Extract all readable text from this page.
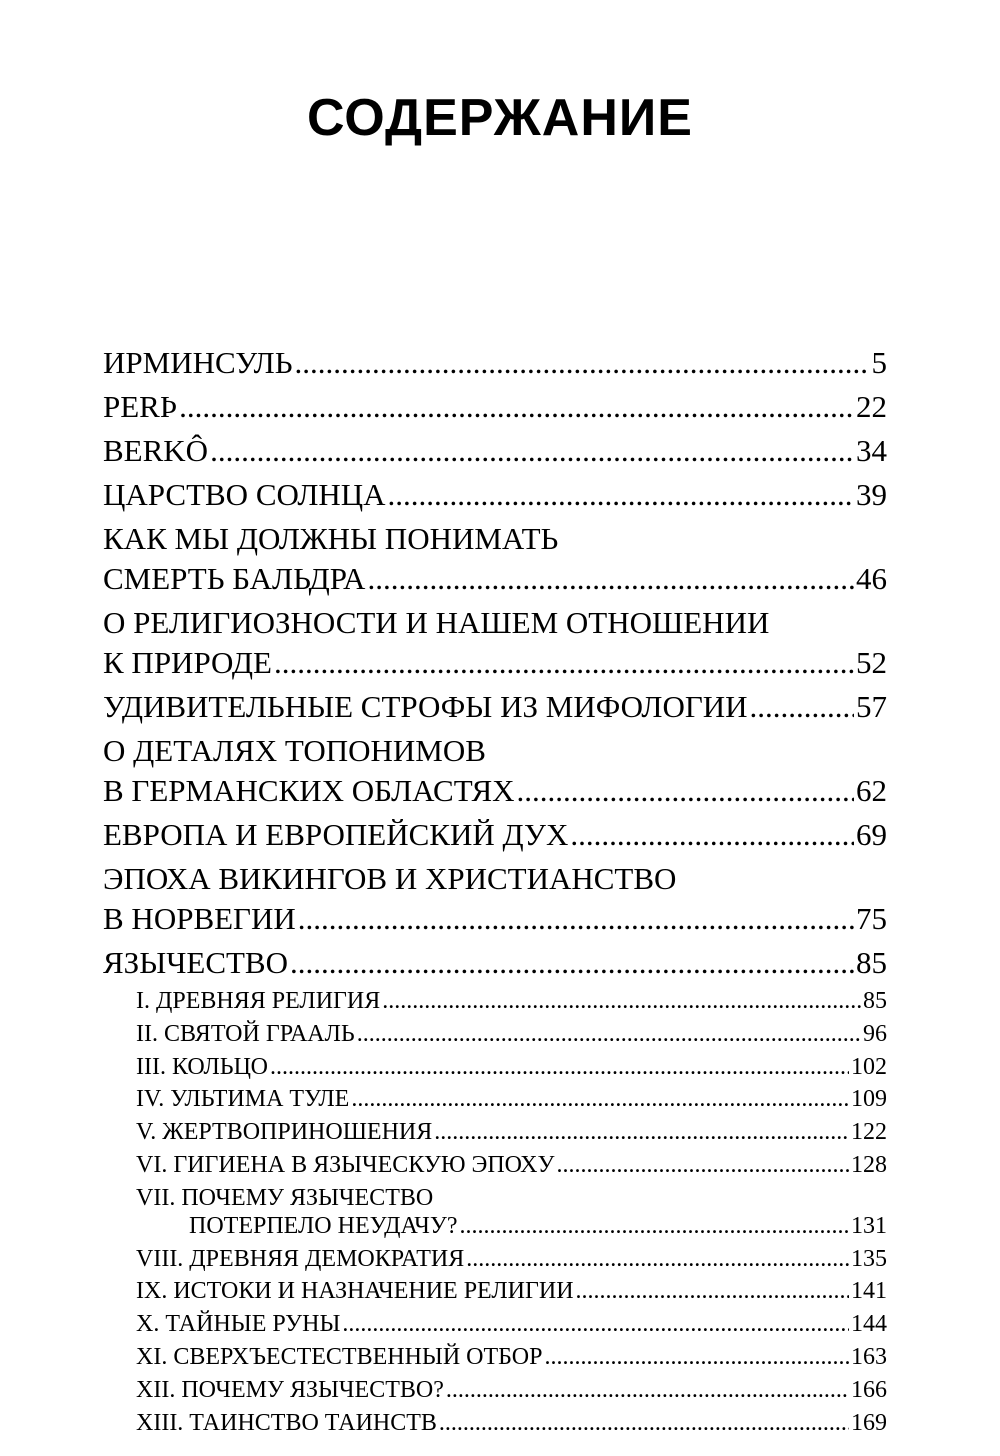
СОДЕРЖАНИЕ
ИРМИНСУЛЬ .....	5
PERÞ .....	22
BERKÔ .....	34
ЦАРСТВО СОЛНЦА .....	39
КАК МЫ ДОЛЖНЫ ПОНИМАТЬ
СМЕРТЬ БАЛЬДРА .....	46
О РЕЛИГИОЗНОСТИ И НАШЕМ ОТНОШЕНИИ
К ПРИРОДЕ .....	52
УДИВИТЕЛЬНЫЕ СТРОФЫ ИЗ МИФОЛОГИИ .....	57
О ДЕТАЛЯХ ТОПОНИМОВ
В ГЕРМАНСКИХ ОБЛАСТЯХ .....	62
ЕВРОПА И ЕВРОПЕЙСКИЙ ДУХ .....	69
ЭПОХА ВИКИНГОВ И ХРИСТИАНСТВО
В НОРВЕГИИ .....	75
ЯЗЫЧЕСТВО .....	85
I. ДРЕВНЯЯ РЕЛИГИЯ .....	85
II. СВЯТОЙ ГРААЛЬ .....	96
III. КОЛЬЦО .....	102
IV. УЛЬТИМА ТУЛЕ .....	109
V. ЖЕРТВОПРИНОШЕНИЯ .....	122
VI. ГИГИЕНА В ЯЗЫЧЕСКУЮ ЭПОХУ .....	128
VII. ПОЧЕМУ ЯЗЫЧЕСТВО
ПОТЕРПЕЛО НЕУДАЧУ? .....	131
VIII. ДРЕВНЯЯ ДЕМОКРАТИЯ .....	135
IX. ИСТОКИ И НАЗНАЧЕНИЕ РЕЛИГИИ .....	141
X. ТАЙНЫЕ РУНЫ .....	144
XI. СВЕРХЪЕСТЕСТВЕННЫЙ ОТБОР .....	163
XII. ПОЧЕМУ ЯЗЫЧЕСТВО? .....	166
XIII. ТАИНСТВО ТАИНСТВ .....	169
